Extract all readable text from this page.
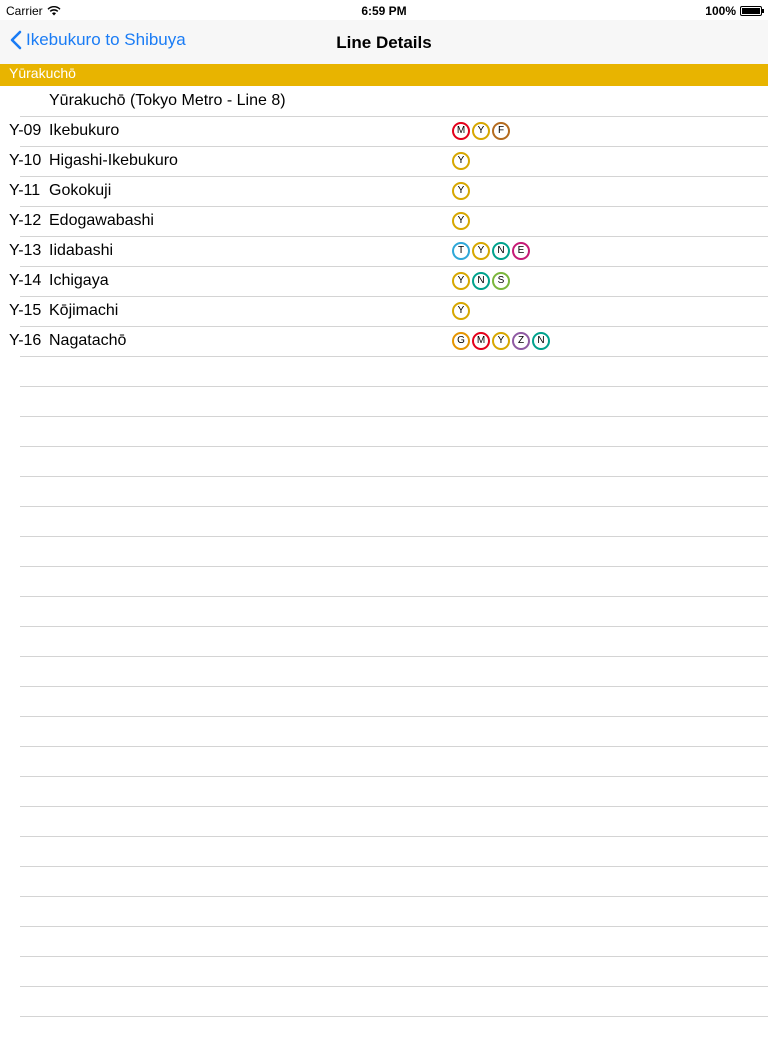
Carrier	6:59 PM	100%
Ikebukuro to Shibuya	Line Details
Yūrakuchō
Yūrakuchō (Tokyo Metro - Line 8)
Y-09 Ikebukuro	M	Y	F
Y-10 Higashi-Ikebukuro	Y
Y-11 Gokokuji	Y
Y-12 Edogawabashi	Y
Y-13 Iidabashi	T	Y	N	E
Y-14 Ichigaya	Y	N	S
Y-15 Kōjimachi	Y
Y-16 Nagatachō	G	M	Y	Z	N
